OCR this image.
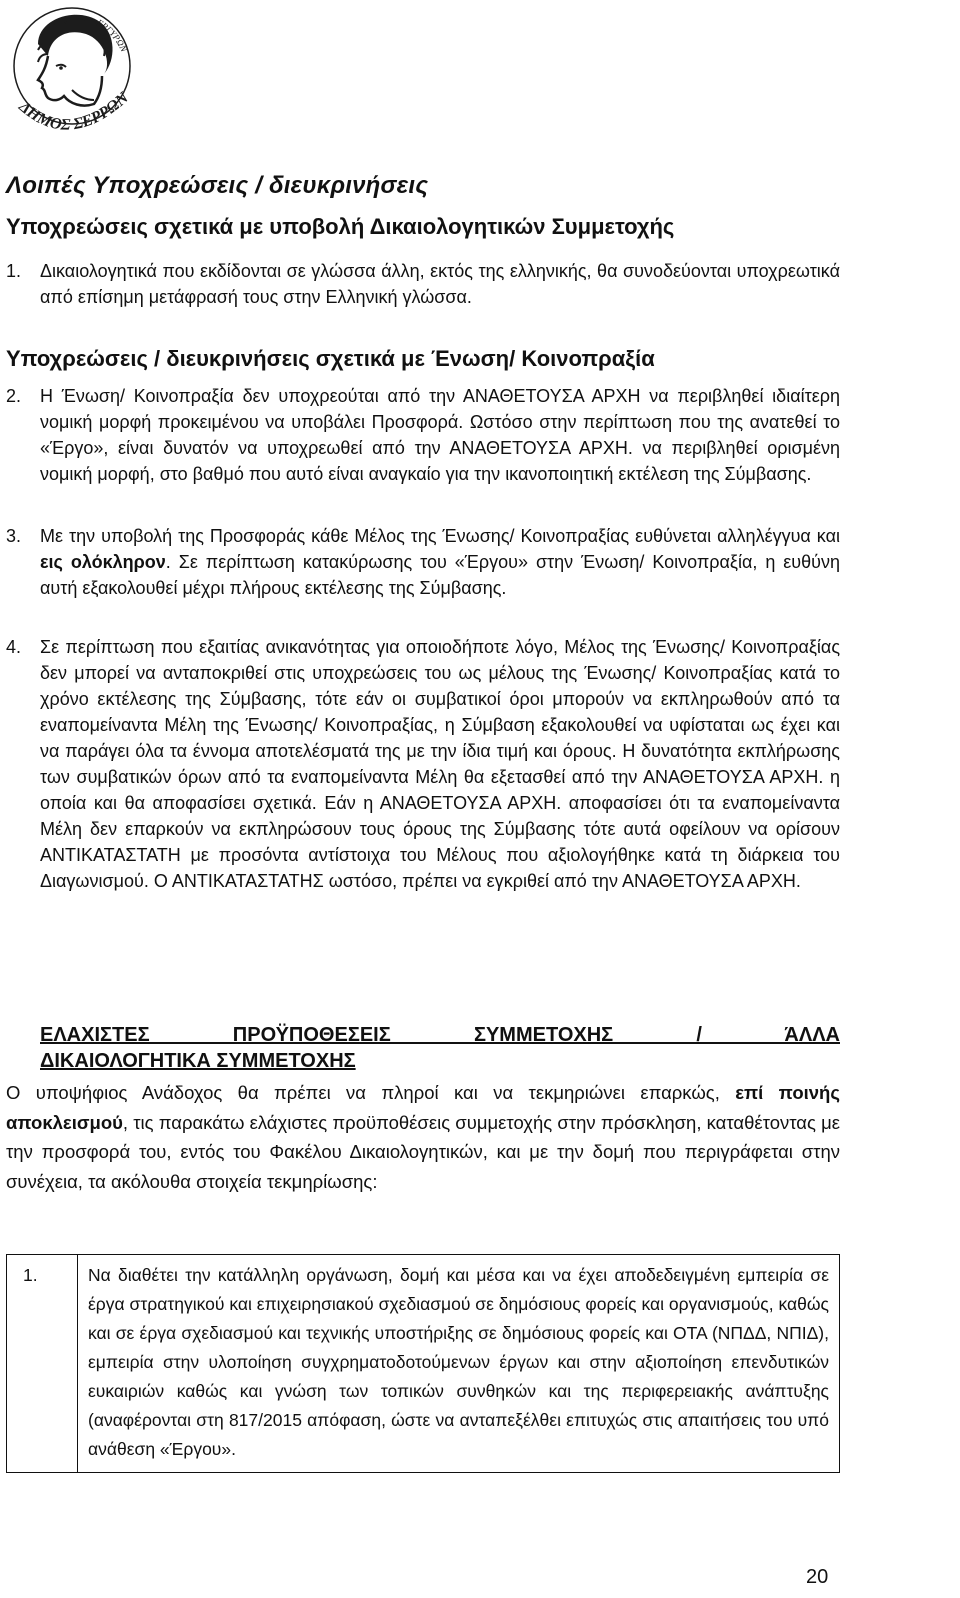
ΔΗΜΟΣ ΣΕΡΡΩΝ
ΕΡΓΥΡΩΝ
Λοιπές Υποχρεώσεις / διευκρινήσεις
Υποχρεώσεις σχετικά με υποβολή Δικαιολογητικών Συμμετοχής
1.	Δικαιολογητικά που εκδίδονται σε γλώσσα άλλη, εκτός της ελληνικής, θα συνοδεύονται υποχρεωτικά από επίσημη μετάφρασή τους στην Ελληνική γλώσσα.
Υποχρεώσεις / διευκρινήσεις σχετικά με Ένωση/ Κοινοπραξία
2.	Η Ένωση/ Κοινοπραξία δεν υποχρεούται από την ΑΝΑΘΕΤΟΥΣΑ ΑΡΧΗ να περιβληθεί ιδιαίτερη νομική μορφή προκειμένου να υποβάλει Προσφορά. Ωστόσο στην περίπτωση που της ανατεθεί το «Έργο», είναι δυνατόν να υποχρεωθεί από την ΑΝΑΘΕΤΟΥΣΑ ΑΡΧΗ. να περιβληθεί ορισμένη νομική μορφή, στο βαθμό που αυτό είναι αναγκαίο για την ικανοποιητική εκτέλεση της Σύμβασης.
3.	Με την υποβολή της Προσφοράς κάθε Μέλος της Ένωσης/ Κοινοπραξίας ευθύνεται αλληλέγγυα και εις ολόκληρον. Σε περίπτωση κατακύρωσης του «Έργου» στην Ένωση/ Κοινοπραξία, η ευθύνη αυτή εξακολουθεί μέχρι πλήρους εκτέλεσης της Σύμβασης.
4.	Σε περίπτωση που εξαιτίας ανικανότητας για οποιοδήποτε λόγο, Μέλος της Ένωσης/ Κοινοπραξίας δεν μπορεί να ανταποκριθεί στις υποχρεώσεις του ως μέλους της Ένωσης/ Κοινοπραξίας κατά το χρόνο εκτέλεσης της Σύμβασης, τότε εάν οι συμβατικοί όροι μπορούν να εκπληρωθούν από τα εναπομείναντα Μέλη της Ένωσης/ Κοινοπραξίας, η Σύμβαση εξακολουθεί να υφίσταται ως έχει και να παράγει όλα τα έννομα αποτελέσματά της με την ίδια τιμή και όρους. Η δυνατότητα εκπλήρωσης των συμβατικών όρων από τα εναπομείναντα Μέλη θα εξετασθεί από την ΑΝΑΘΕΤΟΥΣΑ ΑΡΧΗ. η οποία και θα αποφασίσει σχετικά. Εάν η ΑΝΑΘΕΤΟΥΣΑ ΑΡΧΗ. αποφασίσει ότι τα εναπομείναντα Μέλη δεν επαρκούν να εκπληρώσουν τους όρους της Σύμβασης τότε αυτά οφείλουν να ορίσουν ΑΝΤΙΚΑΤΑΣΤΑΤΗ με προσόντα αντίστοιχα του Μέλους που αξιολογήθηκε κατά τη διάρκεια του Διαγωνισμού. Ο ΑΝΤΙΚΑΤΑΣΤΑΤΗΣ ωστόσο, πρέπει να εγκριθεί από την ΑΝΑΘΕΤΟΥΣΑ ΑΡΧΗ.
ΕΛΑΧΙΣΤΕΣ ΠΡΟΫΠΟΘΕΣΕΙΣ ΣΥΜΜΕΤΟΧΗΣ / ΆΛΛΑ
ΔΙΚΑΙΟΛΟΓΗΤΙΚΑ ΣΥΜΜΕΤΟΧΗΣ

Ο υποψήφιος Ανάδοχος θα πρέπει να πληροί και να τεκμηριώνει επαρκώς, επί ποινής αποκλεισμού, τις παρακάτω ελάχιστες προϋποθέσεις συμμετοχής στην πρόσκληση, καταθέτοντας με την προσφορά του, εντός του Φακέλου Δικαιολογητικών, και με την δομή που περιγράφεται στην συνέχεια, τα ακόλουθα στοιχεία τεκμηρίωσης:

1.	Να διαθέτει την κατάλληλη οργάνωση, δομή και μέσα και να έχει αποδεδειγμένη εμπειρία σε έργα στρατηγικού και επιχειρησιακού σχεδιασμού σε δημόσιους φορείς και οργανισμούς, καθώς και σε έργα σχεδιασμού και τεχνικής υποστήριξης σε δημόσιους φορείς και ΟΤΑ (ΝΠΔΔ, ΝΠΙΔ), εμπειρία στην υλοποίηση συγχρηματοδοτούμενων έργων και στην αξιοποίηση επενδυτικών ευκαιριών καθώς και γνώση των τοπικών συνθηκών και της περιφερειακής ανάπτυξης (αναφέρονται στη 817/2015 απόφαση, ώστε να ανταπεξέλθει επιτυχώς στις απαιτήσεις του υπό ανάθεση «Έργου».
20
